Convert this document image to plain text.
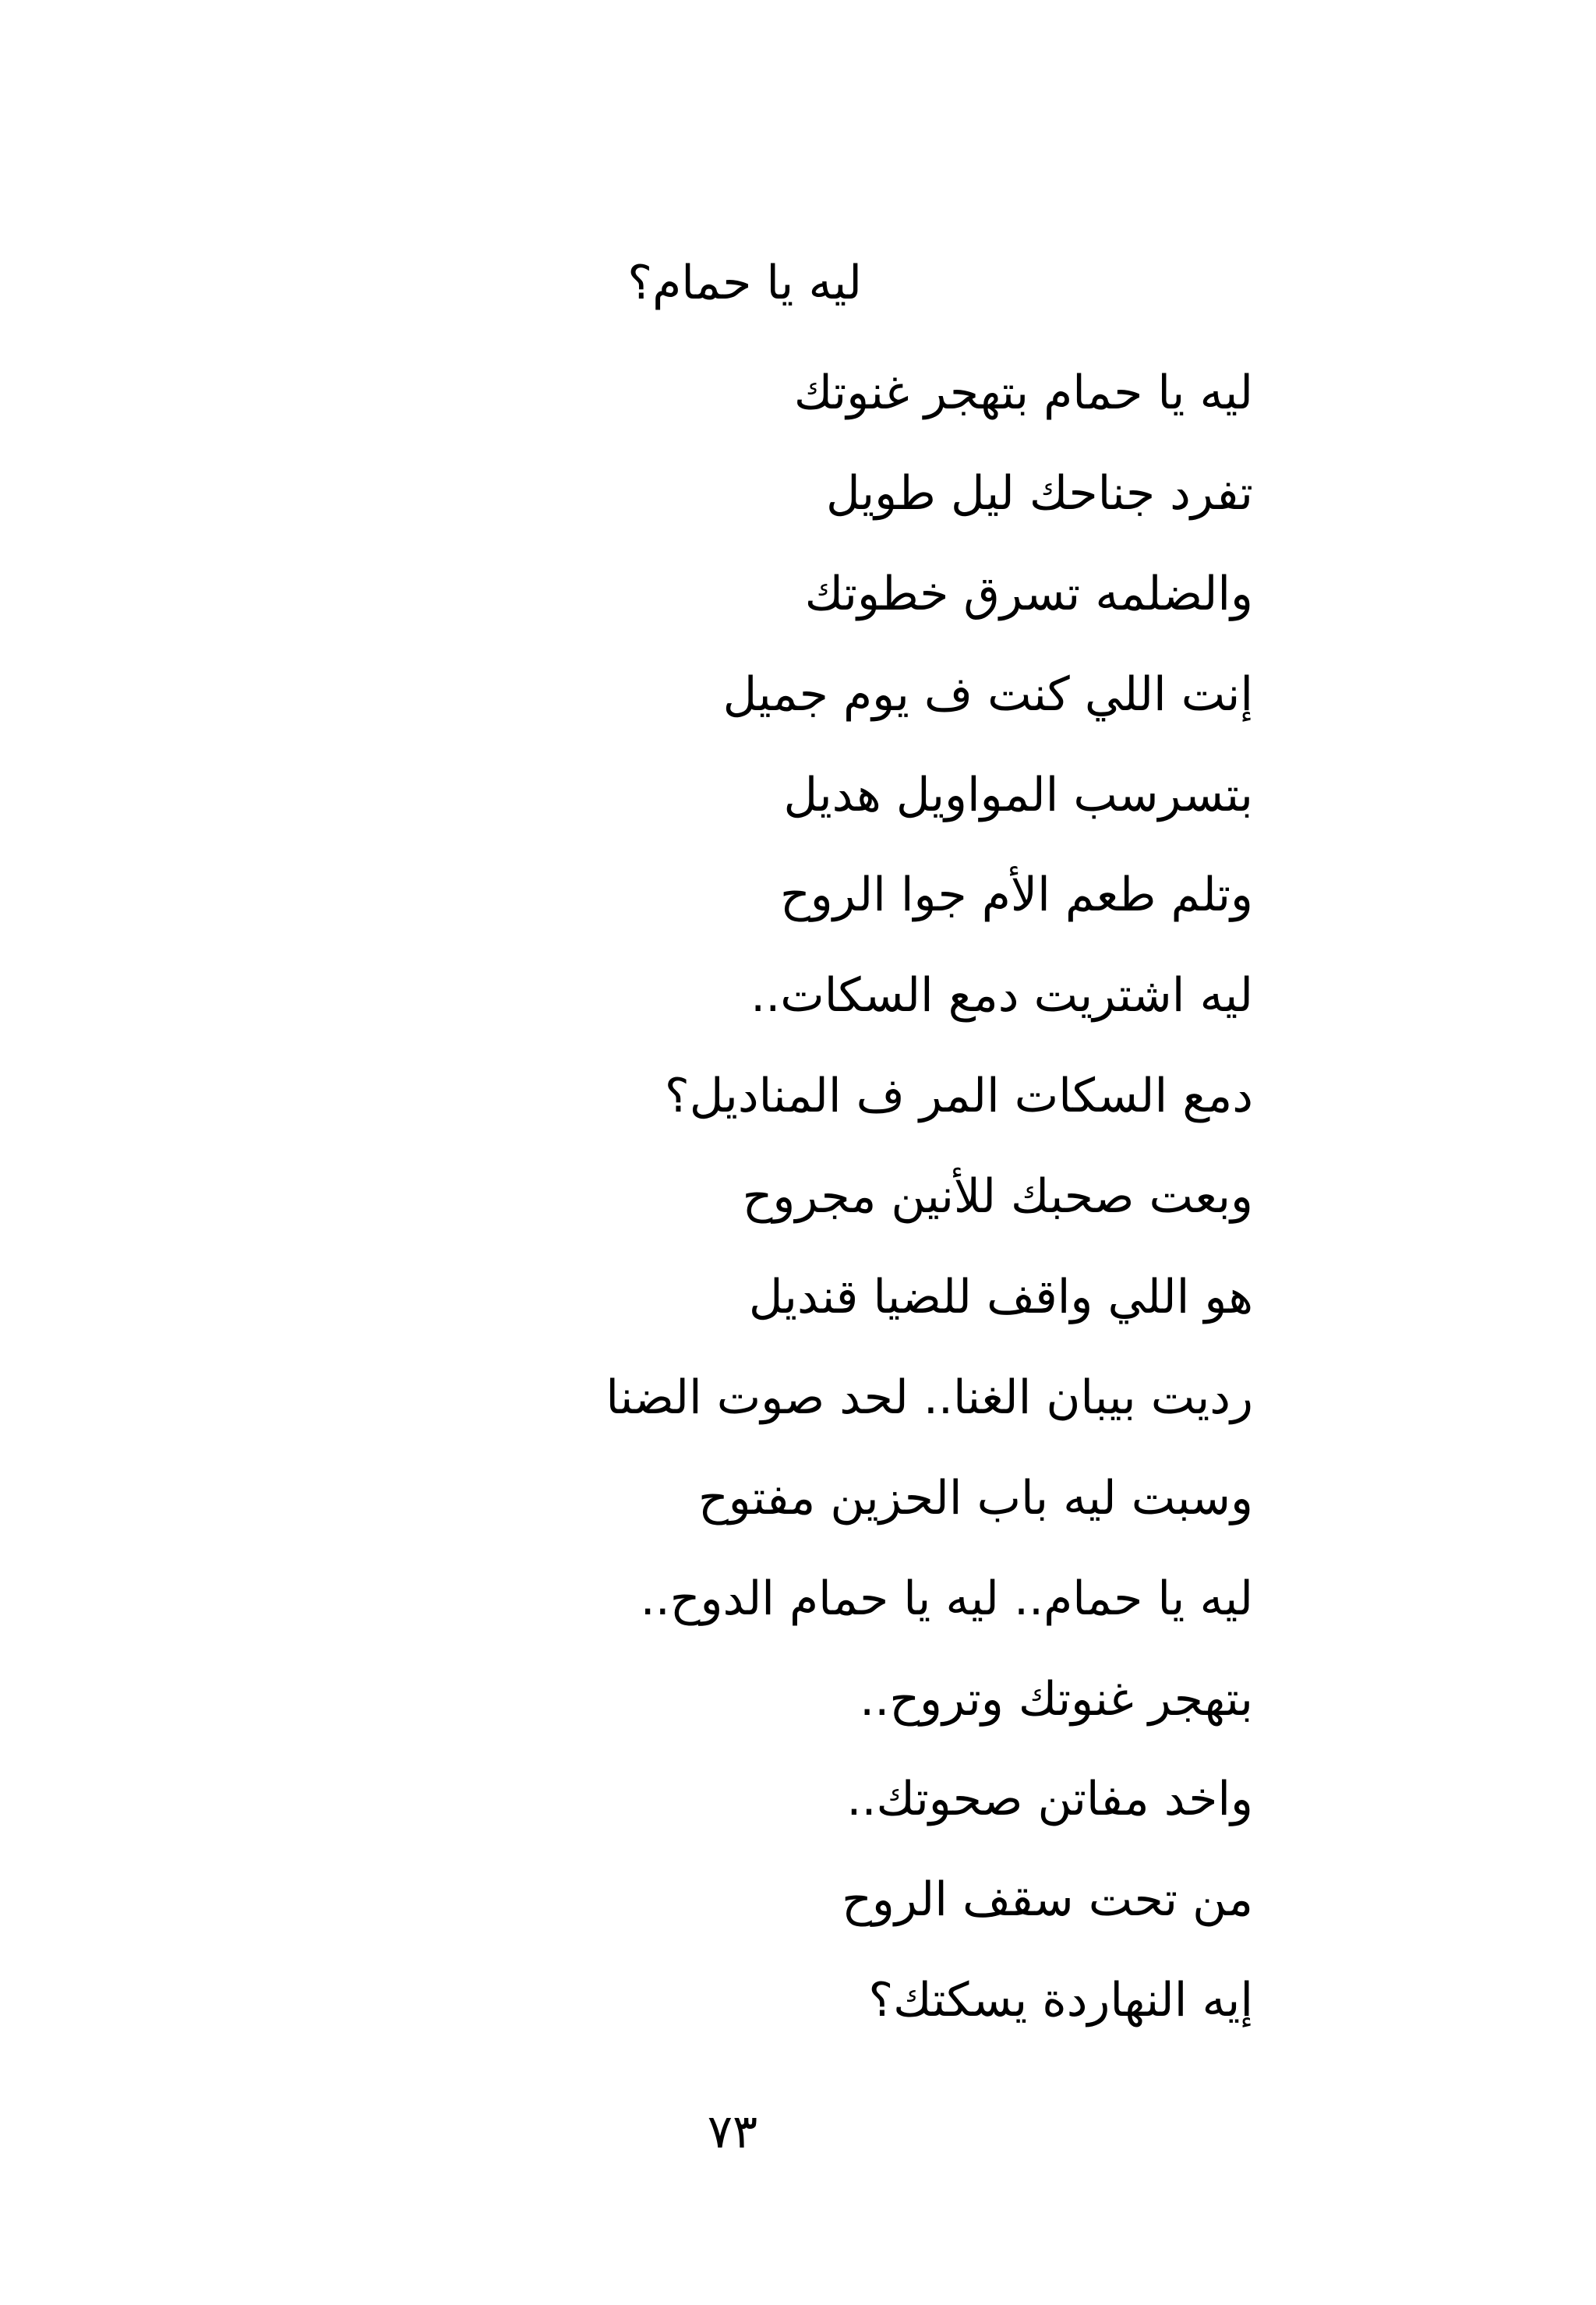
ليه يا حمام؟
ليه يا حمام بتهجر غنوتك
تفرد جناحك ليل طويل
والضلمه تسرق خطوتك
إنت اللي كنت ف يوم جميل
بتسرسب المواويل هديل
وتلم طعم الأم جوا الروح
ليه اشتريت دمع السكات..
دمع السكات المر ف المناديل؟
وبعت صحبك للأنين مجروح
هو اللي واقف للضيا قنديل
رديت بيبان الغنا.. لحد صوت الضنا
وسبت ليه باب الحزين مفتوح
ليه يا حمام.. ليه يا حمام الدوح..
بتهجر غنوتك وتروح..
واخد مفاتن صحوتك..
من تحت سقف الروح
إيه النهاردة يسكتك؟
٧٣
